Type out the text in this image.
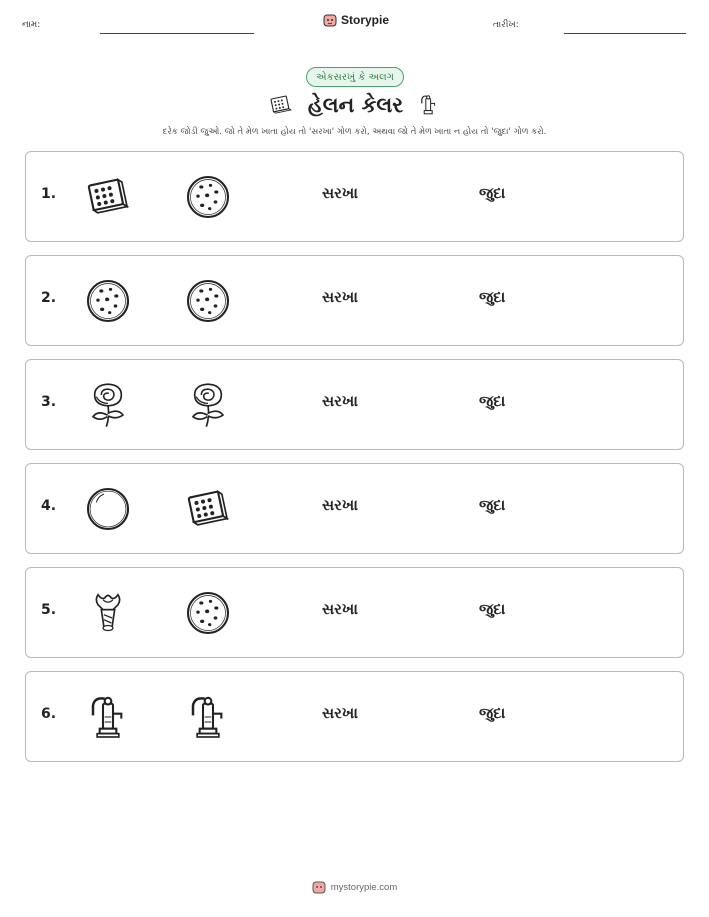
નામ:	Storypie	તારીખ:
એકસરખું કે અલગ
હેલન કેલર
દરેક જોડી જુઓ. જો તે મેળ ખાતા હોય તો 'સરખા' ગોળ કરો, અથવા જો તે મેળ ખાતા ન હોય તો 'જુદા' ગોળ કરો.
1.	સરખા	જુદા
2.	સરખા	જુદા
3.	સરખા	જુદા
4.	સરખા	જુદા
5.	સરખા	જુદા
6.	સરખા	જુદા
mystorypie.com
